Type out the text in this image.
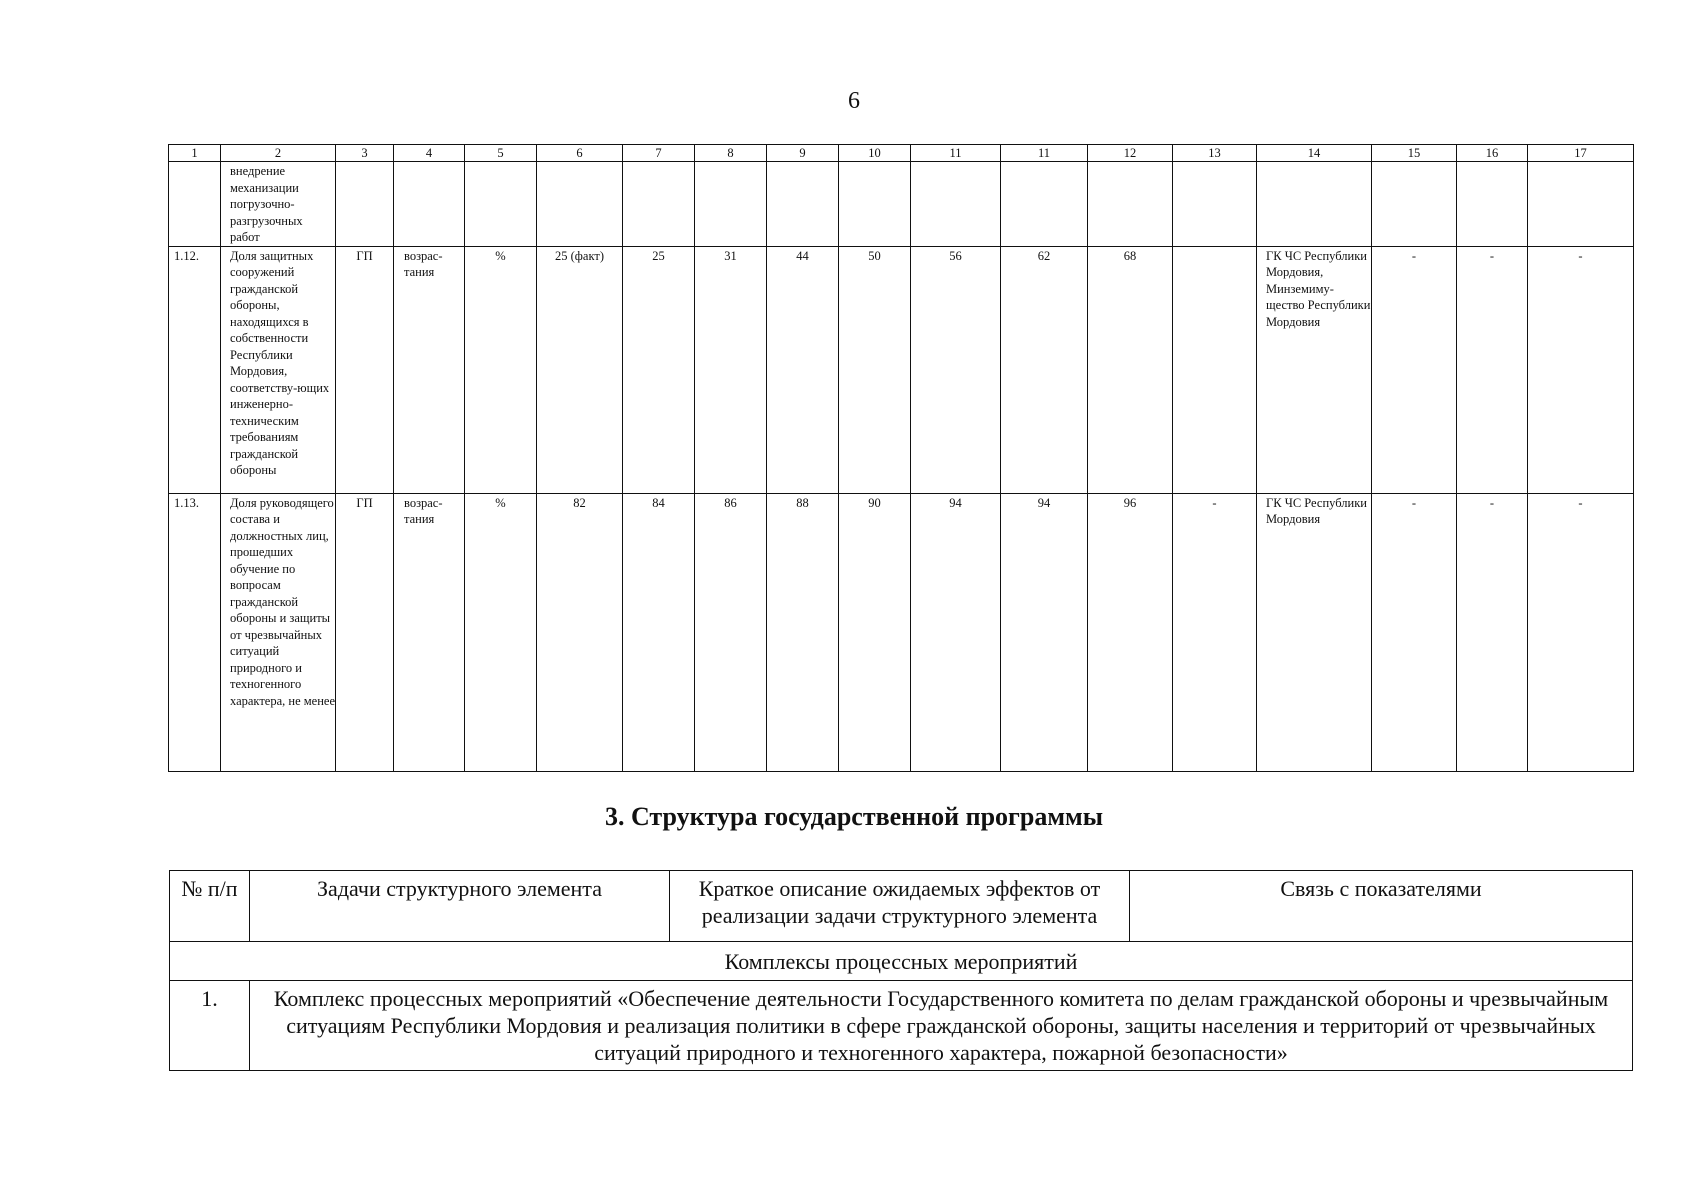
6
1	2	3	4	5	6	7	8	9	10	11	11	12	13	14	15	16	17
	внедрение механизации погрузочно-разгрузочных работ																
1.12.	Доля защитных сооружений гражданской обороны, находящихся в собственности Республики Мордовия, соответству-ющих инженерно-техническим требованиям гражданской обороны	ГП	возрас-тания	%	25 (факт)	25	31	44	50	56	62	68		ГК ЧС Республики Мордовия, Минземиму-щество Республики Мордовия	-	-	-
1.13.	Доля руководящего состава и должностных лиц, прошедших обучение по вопросам гражданской обороны и защиты от чрезвычайных ситуаций природного и техногенного характера, не менее	ГП	возрас-тания	%	82	84	86	88	90	94	94	96	-	ГК ЧС Республики Мордовия	-	-	-
3. Структура государственной программы
№ п/п	Задачи структурного элемента	Краткое описание ожидаемых эффектов от реализации задачи структурного элемента	Связь с показателями
Комплексы процессных мероприятий			
1.	Комплекс процессных мероприятий «Обеспечение деятельности Государственного комитета по делам гражданской обороны и чрезвычайным ситуациям Республики Мордовия и реализация политики в сфере гражданской обороны, защиты населения и территорий от чрезвычайных ситуаций природного и техногенного характера, пожарной безопасности»		
